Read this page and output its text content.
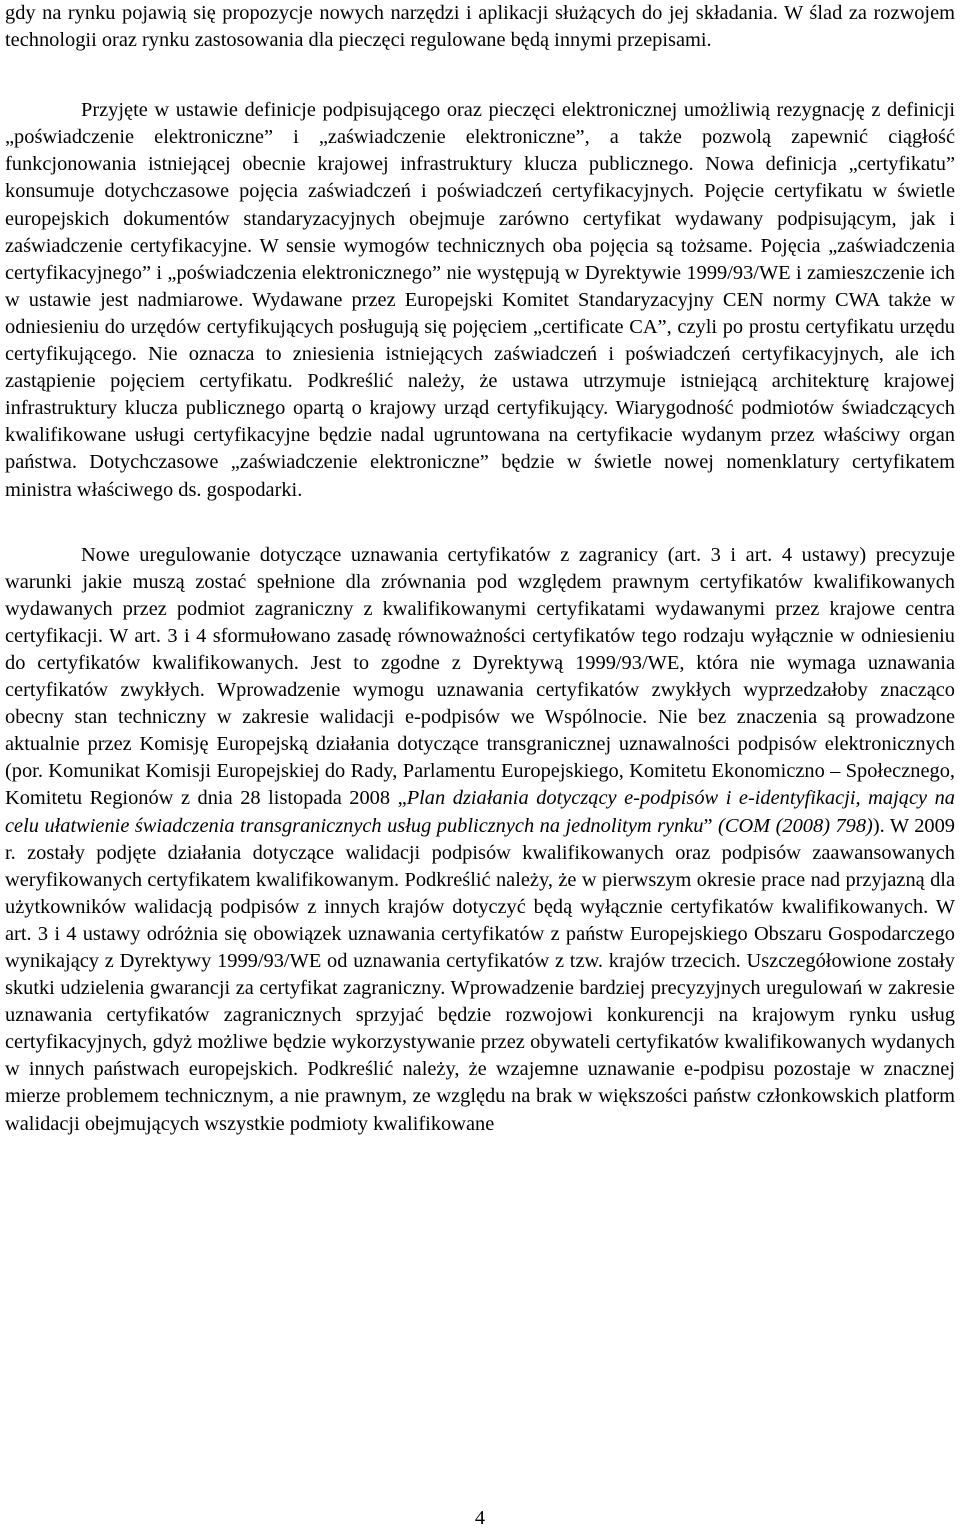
gdy na rynku pojawią się propozycje nowych narzędzi i aplikacji służących do jej składania. W ślad za rozwojem technologii oraz rynku zastosowania dla pieczęci regulowane będą innymi przepisami.

Przyjęte w ustawie definicje podpisującego oraz pieczęci elektronicznej umożliwią rezygnację z definicji „poświadczenie elektroniczne” i „zaświadczenie elektroniczne”, a także pozwolą zapewnić ciągłość funkcjonowania istniejącej obecnie krajowej infrastruktury klucza publicznego. Nowa definicja „certyfikatu” konsumuje dotychczasowe pojęcia zaświadczeń i poświadczeń certyfikacyjnych. Pojęcie certyfikatu w świetle europejskich dokumentów standaryzacyjnych obejmuje zarówno certyfikat wydawany podpisującym, jak i zaświadczenie certyfikacyjne. W sensie wymogów technicznych oba pojęcia są tożsame. Pojęcia „zaświadczenia certyfikacyjnego” i „poświadczenia elektronicznego” nie występują w Dyrektywie 1999/93/WE i zamieszczenie ich w ustawie jest nadmiarowe. Wydawane przez Europejski Komitet Standaryzacyjny CEN normy CWA także w odniesieniu do urzędów certyfikujących posługują się pojęciem „certificate CA”, czyli po prostu certyfikatu urzędu certyfikującego. Nie oznacza to zniesienia istniejących zaświadczeń i poświadczeń certyfikacyjnych, ale ich zastąpienie pojęciem certyfikatu. Podkreślić należy, że ustawa utrzymuje istniejącą architekturę krajowej infrastruktury klucza publicznego opartą o krajowy urząd certyfikujący. Wiarygodność podmiotów świadczących kwalifikowane usługi certyfikacyjne będzie nadal ugruntowana na certyfikacie wydanym przez właściwy organ państwa. Dotychczasowe „zaświadczenie elektroniczne” będzie w świetle nowej nomenklatury certyfikatem ministra właściwego ds. gospodarki.

Nowe uregulowanie dotyczące uznawania certyfikatów z zagranicy (art. 3 i art. 4 ustawy) precyzuje warunki jakie muszą zostać spełnione dla zrównania pod względem prawnym certyfikatów kwalifikowanych wydawanych przez podmiot zagraniczny z kwalifikowanymi certyfikatami wydawanymi przez krajowe centra certyfikacji. W art. 3 i 4 sformułowano zasadę równoważności certyfikatów tego rodzaju wyłącznie w odniesieniu do certyfikatów kwalifikowanych. Jest to zgodne z Dyrektywą 1999/93/WE, która nie wymaga uznawania certyfikatów zwykłych. Wprowadzenie wymogu uznawania certyfikatów zwykłych wyprzedzałoby znacząco obecny stan techniczny w zakresie walidacji e-podpisów we Wspólnocie. Nie bez znaczenia są prowadzone aktualnie przez Komisję Europejską działania dotyczące transgranicznej uznawalności podpisów elektronicznych (por. Komunikat Komisji Europejskiej do Rady, Parlamentu Europejskiego, Komitetu Ekonomiczno – Społecznego, Komitetu Regionów z dnia 28 listopada 2008 „Plan działania dotyczący e-podpisów i e-identyfikacji, mający na celu ułatwienie świadczenia transgranicznych usług publicznych na jednolitym rynku” (COM (2008) 798)). W 2009 r. zostały podjęte działania dotyczące walidacji podpisów kwalifikowanych oraz podpisów zaawansowanych weryfikowanych certyfikatem kwalifikowanym. Podkreślić należy, że w pierwszym okresie prace nad przyjazną dla użytkowników walidacją podpisów z innych krajów dotyczyć będą wyłącznie certyfikatów kwalifikowanych. W art. 3 i 4 ustawy odróżnia się obowiązek uznawania certyfikatów z państw Europejskiego Obszaru Gospodarczego wynikający z Dyrektywy 1999/93/WE od uznawania certyfikatów z tzw. krajów trzecich. Uszczegółowione zostały skutki udzielenia gwarancji za certyfikat zagraniczny. Wprowadzenie bardziej precyzyjnych uregulowań w zakresie uznawania certyfikatów zagranicznych sprzyjać będzie rozwojowi konkurencji na krajowym rynku usług certyfikacyjnych, gdyż możliwe będzie wykorzystywanie przez obywateli certyfikatów kwalifikowanych wydanych w innych państwach europejskich. Podkreślić należy, że wzajemne uznawanie e-podpisu pozostaje w znacznej mierze problemem technicznym, a nie prawnym, ze względu na brak w większości państw członkowskich platform walidacji obejmujących wszystkie podmioty kwalifikowane

4
